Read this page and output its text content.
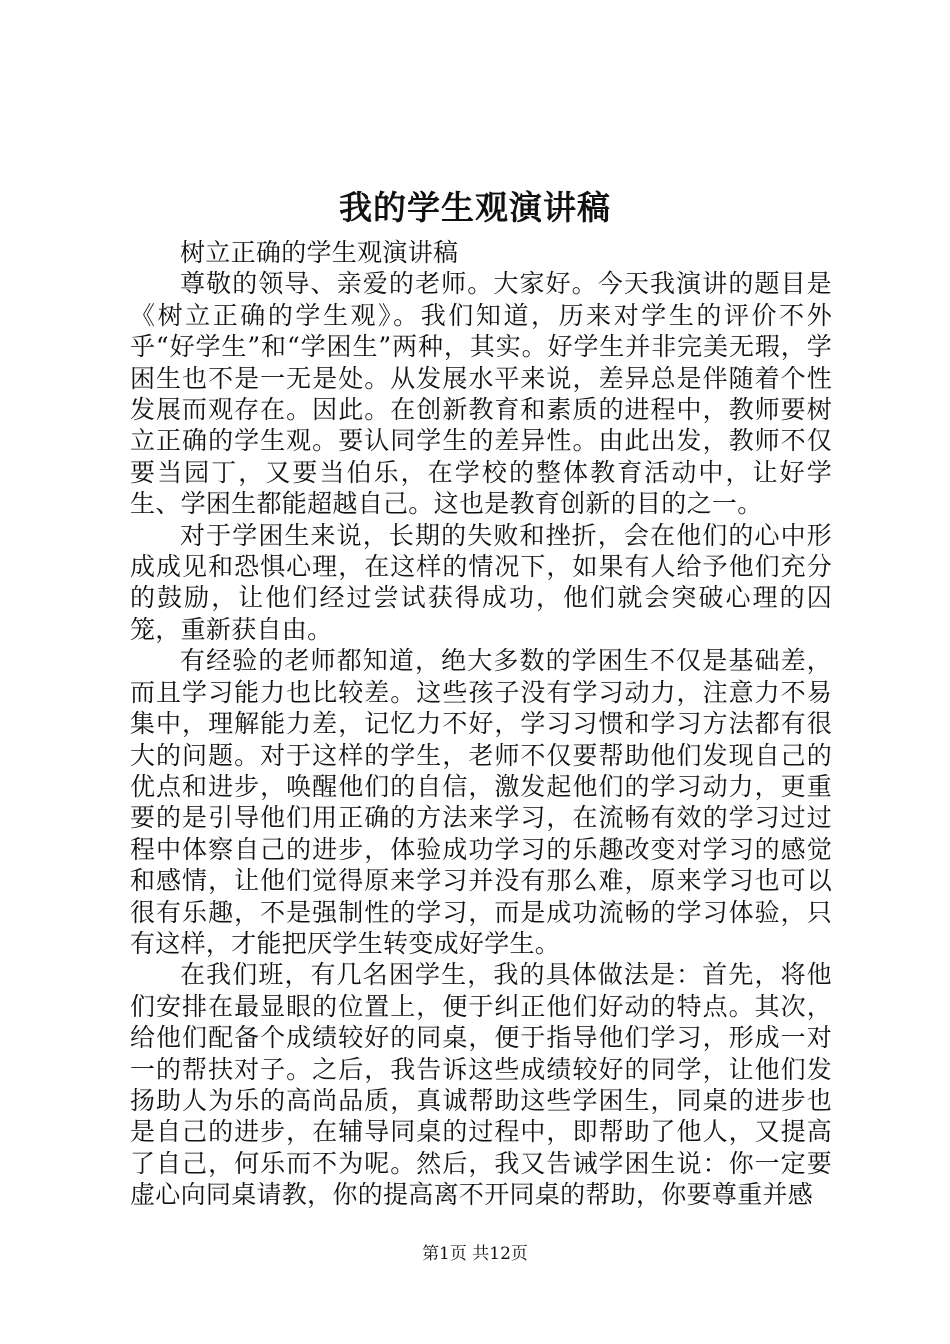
我的学生观演讲稿

树立正确的学生观演讲稿

尊敬的领导、亲爱的老师。大家好。今天我演讲的题目是《树立正确的学生观》。我们知道，历来对学生的评价不外乎“好学生”和“学困生”两种，其实。好学生并非完美无瑕，学困生也不是一无是处。从发展水平来说，差异总是伴随着个性发展而观存在。因此。在创新教育和素质的进程中，教师要树立正确的学生观。要认同学生的差异性。由此出发，教师不仅要当园丁，又要当伯乐，在学校的整体教育活动中，让好学生、学困生都能超越自己。这也是教育创新的目的之一。

对于学困生来说，长期的失败和挫折，会在他们的心中形成成见和恐惧心理，在这样的情况下，如果有人给予他们充分的鼓励，让他们经过尝试获得成功，他们就会突破心理的囚笼，重新获自由。

有经验的老师都知道，绝大多数的学困生不仅是基础差，而且学习能力也比较差。这些孩子没有学习动力，注意力不易集中，理解能力差，记忆力不好，学习习惯和学习方法都有很大的问题。对于这样的学生，老师不仅要帮助他们发现自己的优点和进步，唤醒他们的自信，激发起他们的学习动力，更重要的是引导他们用正确的方法来学习，在流畅有效的学习过过程中体察自己的进步，体验成功学习的乐趣改变对学习的感觉和感情，让他们觉得原来学习并没有那么难，原来学习也可以很有乐趣，不是强制性的学习，而是成功流畅的学习体验，只有这样，才能把厌学生转变成好学生。

在我们班，有几名困学生，我的具体做法是：首先，将他们安排在最显眼的位置上，便于纠正他们好动的特点。其次，给他们配备个成绩较好的同桌，便于指导他们学习，形成一对一的帮扶对子。之后，我告诉这些成绩较好的同学，让他们发扬助人为乐的高尚品质，真诚帮助这些学困生，同桌的进步也是自己的进步，在辅导同桌的过程中，即帮助了他人，又提高了自己，何乐而不为呢。然后，我又告诫学困生说：你一定要虚心向同桌请教，你的提高离不开同桌的帮助，你要尊重并感

第1页 共12页
